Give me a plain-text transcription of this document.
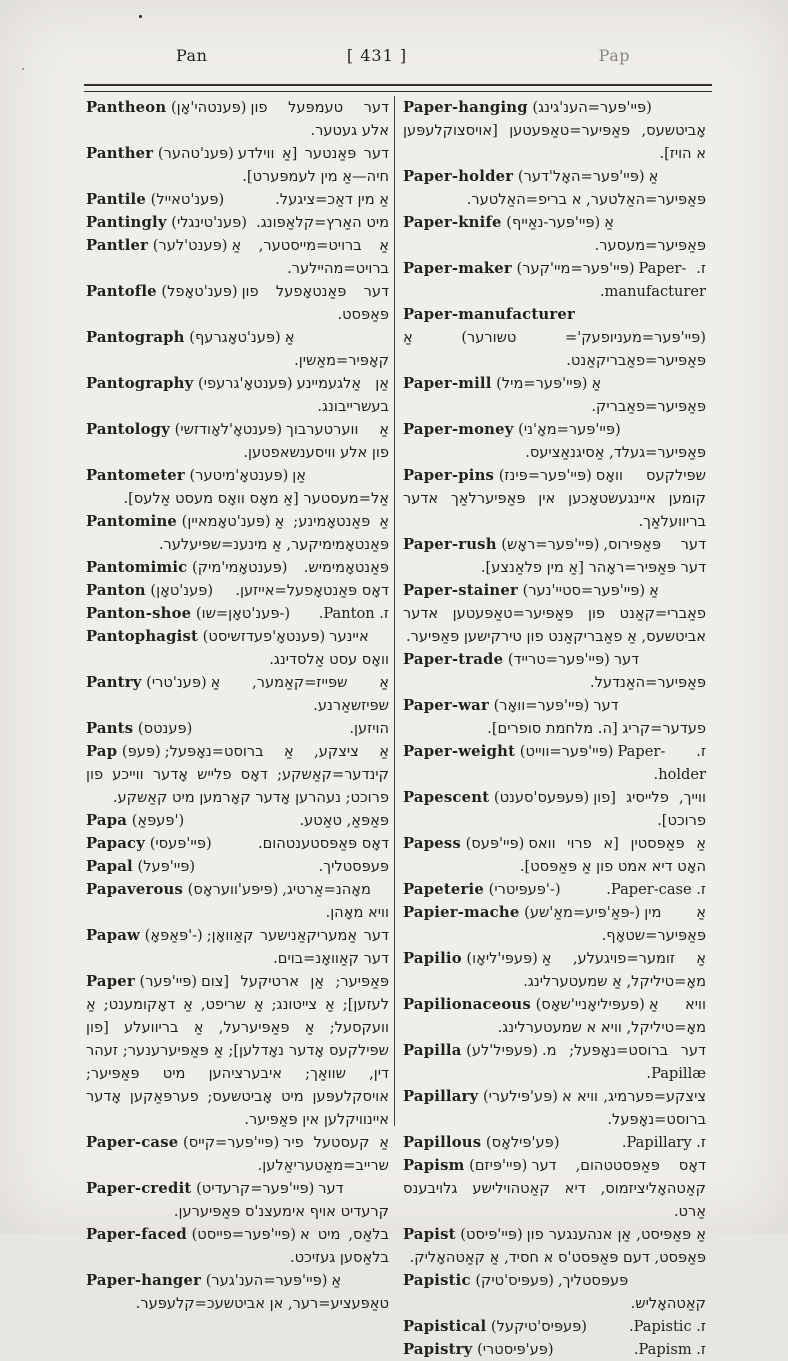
Pan	[ 431 ]	Pap

Pantheon (פּענטהי'אָן) דער טעמפּעל פון אלע געטער.

Panther (פּענ'טהער) דער פּאַנטער [אַ ווילדע חיה—אַ מין לעמפּערט].

Pantile (פּענ'טאייל)	אַ מין דאַכ=ציגעל.

Pantingly (פּענ'טינגלי) מיט האַרץ=קלאַפּונג.

Pantler (פּענט'לער) אַ ברויט=מייסטער, אַ ברויט=מהיילער.

Pantofle (פּענ'טאָפל) דער פּאַנטאָפעל פון פּאַפּסט.

Pantograph (פּענ'טאָגרעף) אַ קאָפּיר=מאַשין.

Pantography (פּענטאָ'גרעפי) אַן אַלגעמיינע בעשרייבונג.

Pantology (פּענטאָ'לאָודזשי) אַ ווערטערבוך פון אלע וויסענשאפטען.

Pantometer (פּענטאָ'מיטער) אַן אַל=מעסטער [אַ מאָס וואָס מעסט אַלעס].

Pantomine (פּענ'טאָמאיין) אַ פּאַנטאָמינע; אַ פּאַנטאָמימיקער, אַ מינענ=שפּיעלער.

Pantomimic (פּענטאָמי'מיק) פּאַנטאָמימיש.

Panton (פּענ'טאָן) דאָס פּאַנטאָפעל=אייזען.

Panton-shoe (פּענ'טאָן=שו-) ז. Panton.

Pantophagist (פּענטאָ'פעדזשיסט) איינער וואָס עסט אַלסדינג.

Pantry (פּענ'טרי) אַ שפּייז=קאַמער, אַ שפּיזשאַרנע.

Pants (פּענטס)	הויזען.

Pap (פּעפּ) אַ ציצקע, אַ ברוסט=נאָפּעל; קינדער=קאַשקע; דאָס פלייש אָדער ווייכע פון פרוכט; נעהרען אָדער קאָרמען מיט קאַשקע.

Papa (פּעפּאַ')	פּאַפּאַ, טאַטע.

Papacy (פּיי'פּעסי)	דאָס פּאַפּסטענטהום.

Papal (פּיי'פּעל)	פּעפּסטליך.

Papaverous (פּיפּע'וועראָס) מאָהנ=אַרטיג, וויא מאָהן.

Papaw (פּאַפּאָ'-) דער אַמעריקאַנישער קאַוואָן; דער קאַוואָנ=בוים.

Paper (פּיי'פּער) פּאַפּיער; אַן ארטיקעל [צום לעזען]; אַ צייטונג; אַ שריפט, אַ דאָקומענט; אַ וועקסעל; אַ פּאַפּיערעל, אַ בריוועלע [פון שפּילקעס אָדער נאָדלען]; אַ פּאַפּיערענער; זעהר דין, שוואַך; איבערציהען מיט פּאַפּיער; אויסקלעפּען מיט אָביטשעס; פערפּאַקען אָדער איינוויקלען אין פּאַפּיער.

Paper-case (פּיי'פּער=קייס) אַ קעסטעל פיר שרייב=מאַטעריאַלען.

Paper-credit (פּיי'פּער=קרעדיט) דער קרעדיט אויף אימעצנ'ס פּאַפּיערען.

Paper-faced (פּיי'פּער=פייסט) בלאַס, מיט א בלאַסען געזיכט.

Paper-hanger (פּיי'פּער=הענ'גער) אַ טאַפּעציע=רער, אן אביטשעכ=קלעפּער.

Paper-hanging (פּיי'פּער=הענ'גינג)
אָביטשעס, פּאַפּיער=טאַפּעטען [אויסצוקלעפּען א הויז].

Paper-holder (פּיי'פּער=האָל'דער) אַ פּאַפּיער=האַלטער, א בריפ=האַלטער.

Paper-knife (פּיי'פּער-נאַייף) אַ פּאַפּיער=מעסער.

Paper-maker (פּיי'פּער=מיי'קער) ז. Paper-manufacturer.

Paper-manufacturer
(פּיי'פּער=מעניופעק'= טשורער) אַ פּאַפּיער=פאַבריקאַנט.

Paper-mill (פּיי'פּער=מיל) אַ פּאַפּיער=פאַבריק.

Paper-money (פּיי'פּער=מאָ'ני)
פּאַפּיער=געלד, אַסיגנאַציעס.

Paper-pins (פּיי'פּער=פּינז) שפּילקעס וואָס קומען איינגעשטאָכען אין פּאַפּיערלאַך אדער בריוועלאַך.

Paper-rush (פּיי'פּער=ראָש) דער פּאַפּירוס, דער פּאַפּיר=ראָהר [אַ מין פלאַנצע].

Paper-stainer (פּיי'פּער=סטיי'נער) אַ פאַברי=קאַנט פון פּאַפּיער=טאַפּעטען אדער אביטשעס, אַ פאַבריקאַנט פון טירקישען פּאַפּיער.

Paper-trade (פּיי'פּער=טרייד) דער פּאַפּיער=האַנדעל.

Paper-war (פּיי'פּער=וואָר) דער פעדער=קריג [ה. מלחמת סופרים].

Paper-weight (פּיי'פּער=ווייט) ז. Paper-holder.

Papescent (פּעפּעס'סענט) ווייך, פלייסיג [פון פרוכט].

Papess (פּיי'פּעס) אַ פּאַפּסטין [א פרוי וואס האָט דיא אמט פון אַ פּאַפּסט].

Papeterie (פּעפּיטרי'-)	ז. Paper-case.

Papier-mache (פּאַ'פּיע=מאַ'שע-) אַ מין פּאַפּיער=שטאָף.

Papilio (פּעפּי'ליאָו) אַ זומער=פויגעלע, אַ מאָ=טיליקל, אַ שמעטערלינג.

Papilionaceous (פּעפּיליאָניי'שאָס) וויא אַ מאָ=טיליקל, וויא א שמעטערלינג.

Papilla (פּעפּיל'לע) דער ברוסט=נאָפּעל; מ. Papillæ.

Papillary (פּע'פּילערי) ציצקע=פערמיג, וויא א ברוסט=נאָפּעל.

Papillous (פּע'פּילאָס)	ז. Papillary.

Papism (פּיי'פּיזם) דאָס פּאַפּסטטהום, דער קאַטהאָליציזמוס, דיא קאַטהוילישע גלויבענס אַרט.

Papist (פּיי'פּיסט) אַ פּאַפּיסט, אַן אנהענגער פון פּאַפּסט, דעם פּאַפּסט'ס א חסיד, אַ קאַטהאָליק.

Papistic (פּעפּיס'טיק) פּעפּסטליך, קאַטהאָליש.

Papistical (פּעפּיס'טיקעל)	ז. Papistic.

Papistry (פּע'פּיסטרי)	ז. Papism.
